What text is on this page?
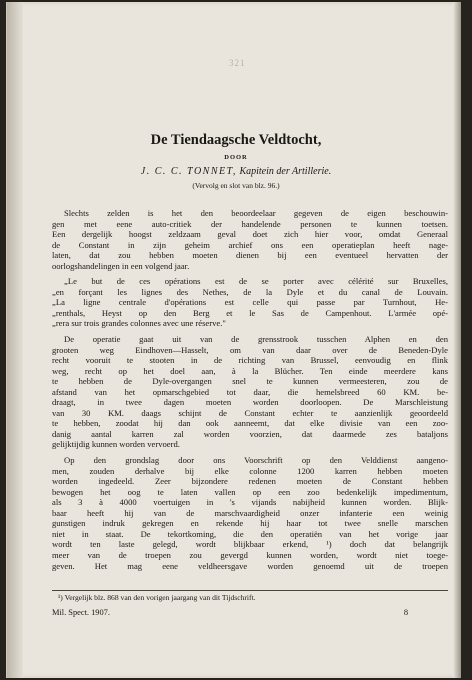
321
De Tiendaagsche Veldtocht,
DOOR
J. C. C. TONNET, Kapitein der Artillerie.
(Vervolg en slot van blz. 96.)
Slechts zelden is het den beoordeelaar gegeven de eigen beschouwin-
gen met eene auto-critiek der handelende personen te kunnen toetsen.
Een dergelijk hoogst zeldzaam geval doet zich hier voor, omdat Generaal
de Constant in zijn geheim archief ons een operatieplan heeft nage-
laten, dat zou hebben moeten dienen bij een eventueel hervatten der
oorlogshandelingen in een volgend jaar.
„Le but de ces opérations est de se porter avec célérité sur Bruxelles,
„en forçant les lignes des Nethes, de la Dyle et du canal de Louvain.
„La ligne centrale d'opérations est celle qui passe par Turnhout, He-
„renthals, Heyst op den Berg et le Sas de Campenhout. L'armée opé-
„rera sur trois grandes colonnes avec une réserve."
De operatie gaat uit van de grensstrook tusschen Alphen en den
grooten weg Eindhoven—Hasselt, om van daar over de Beneden-Dyle
recht vooruit te stooten in de richting van Brussel, eenvoudig en flink
weg, recht op het doel aan, à la Blücher. Ten einde meerdere kans
te hebben de Dyle-overgangen snel te kunnen vermeesteren, zou de
afstand van het opmarschgebied tot daar, die hemelsbreed 60 KM. be-
draagt, in twee dagen moeten worden doorloopen. De Marschleistung
van 30 KM. daags schijnt de Constant echter te aanzienlijk geoordeeld
te hebben, zoodat hij dan ook aanneemt, dat elke divisie van een zoo-
danig aantal karren zal worden voorzien, dat daarmede zes bataljons
gelijktijdig kunnen worden vervoerd.
Op den grondslag door ons Voorschrift op den Velddienst aangeno-
men, zouden derhalve bij elke colonne 1200 karren hebben moeten
worden ingedeeld. Zeer bijzondere redenen moeten de Constant hebben
bewogen het oog te laten vallen op een zoo bedenkelijk impedimentum,
als 3 à 4000 voertuigen in 's vijands nabijheid kunnen worden. Blijk-
baar heeft hij van de marschvaardigheid onzer infanterie een weinig
gunstigen indruk gekregen en rekende hij haar tot twee snelle marschen
niet in staat. De tekortkoming, die den operatiën van het vorige jaar
wordt ten laste gelegd, wordt blijkbaar erkend, ¹) doch dat belangrijk
meer van de troepen zou gevergd kunnen worden, wordt niet toege-
geven. Het mag eene veldheersgave worden genoemd uit de troepen
¹) Vergelijk blz. 868 van den vorigen jaargang van dit Tijdschrift.
Mil. Spect. 1907.	8
